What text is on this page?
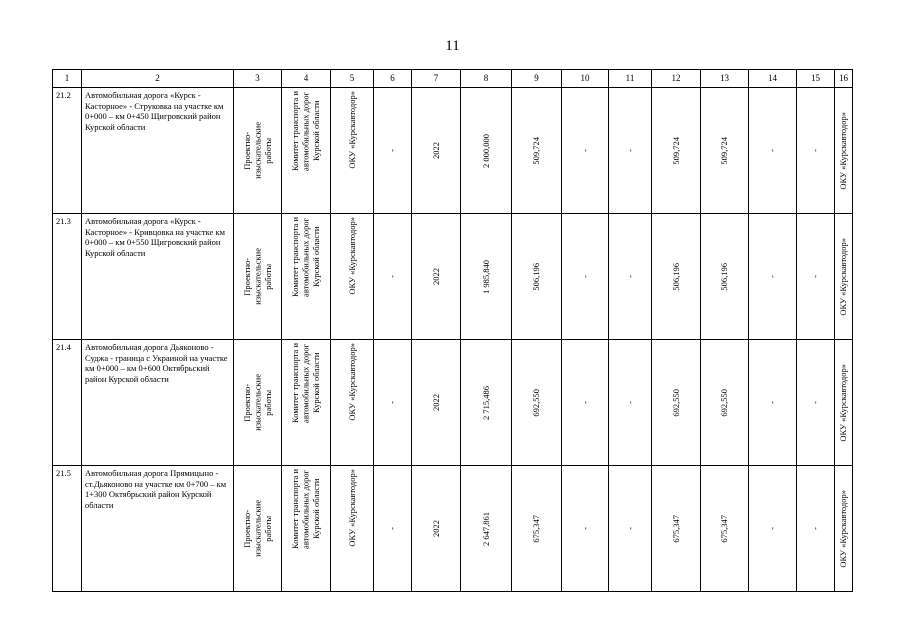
11
1	2	3	4	5	6	7	8	9	10	11	12	13	14	15	16
21.2	Автомобильная дорога «Курск - Касторное» - Струковка на участке км 0+000 – км 0+450 Щигровский район Курской области	Проектно-
изыскательские
работы	Комитет транспорта и
автомобильных дорог
Курской области	ОКУ «Курскавтодор»	-	2022	2 000,000	509,724	-	-	509,724	509,724	-	-	ОКУ «Курскавтодор»

21.3	Автомобильная дорога «Курск - Касторное» - Кривцовка на участке км 0+000 – км 0+550 Щигровский район Курской области	Проектно-
изыскательские
работы	Комитет транспорта и
автомобильных дорог
Курской области	ОКУ «Курскавтодор»	-	2022	1 985,840	506,196	-	-	506,196	506,196	-	-	ОКУ «Курскавтодор»

21.4	Автомобильная дорога Дьяконово - Суджа - граница с Украиной на участке км 0+000 – км 0+600 Октябрьский район Курской области	Проектно-
изыскательские
работы	Комитет транспорта и
автомобильных дорог
Курской области	ОКУ «Курскавтодор»	-	2022	2 715,486	692,550	-	-	692,550	692,550	-	-	ОКУ «Курскавтодор»

21.5	Автомобильная дорога Прямицыно - ст.Дьяконово на участке км 0+700 – км 1+300 Октябрьский район Курской области	Проектно-
изыскательские
работы	Комитет транспорта и
автомобильных дорог
Курской области	ОКУ «Курскавтодор»	-	2022	2 647,861	675,347	-	-	675,347	675,347	-	-	ОКУ «Курскавтодор»
